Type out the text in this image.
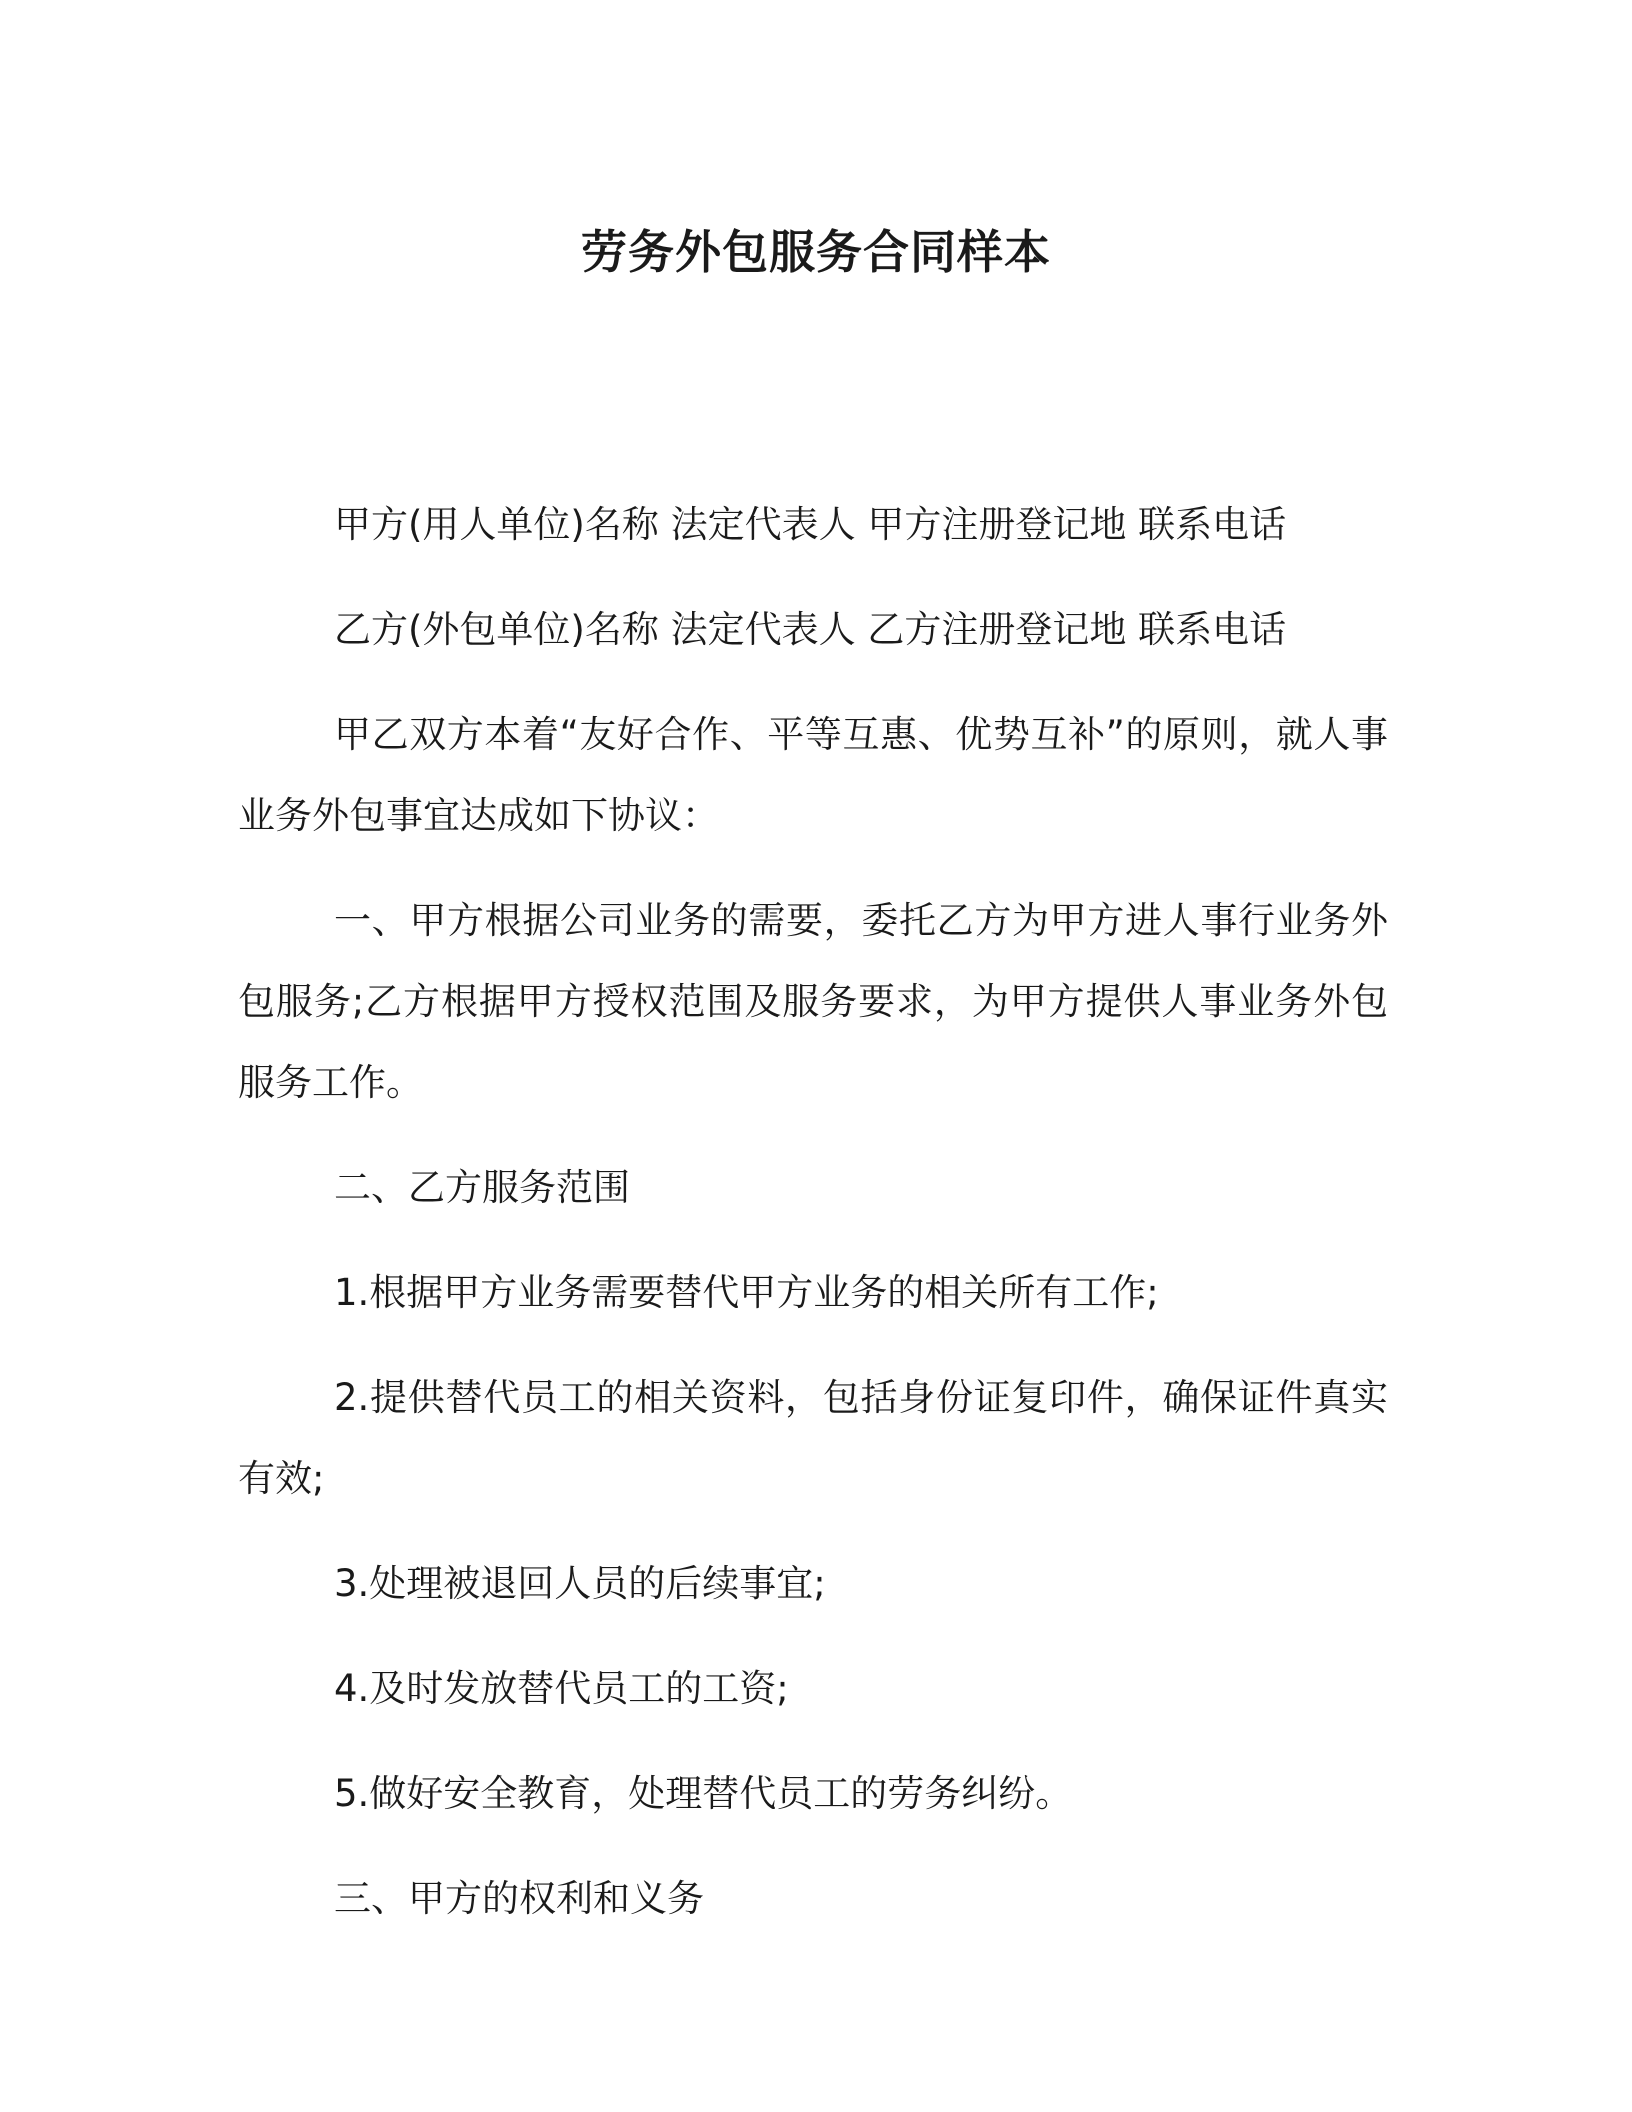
劳务外包服务合同样本

甲方(用人单位)名称 法定代表人 甲方注册登记地 联系电话

乙方(外包单位)名称 法定代表人 乙方注册登记地 联系电话

甲乙双方本着“友好合作、平等互惠、优势互补”的原则，就人事业务外包事宜达成如下协议：

一、甲方根据公司业务的需要，委托乙方为甲方进人事行业务外包服务;乙方根据甲方授权范围及服务要求，为甲方提供人事业务外包服务工作。

二、乙方服务范围

1.根据甲方业务需要替代甲方业务的相关所有工作;

2.提供替代员工的相关资料，包括身份证复印件，确保证件真实有效;

3.处理被退回人员的后续事宜;

4.及时发放替代员工的工资;

5.做好安全教育，处理替代员工的劳务纠纷。

三、甲方的权利和义务
